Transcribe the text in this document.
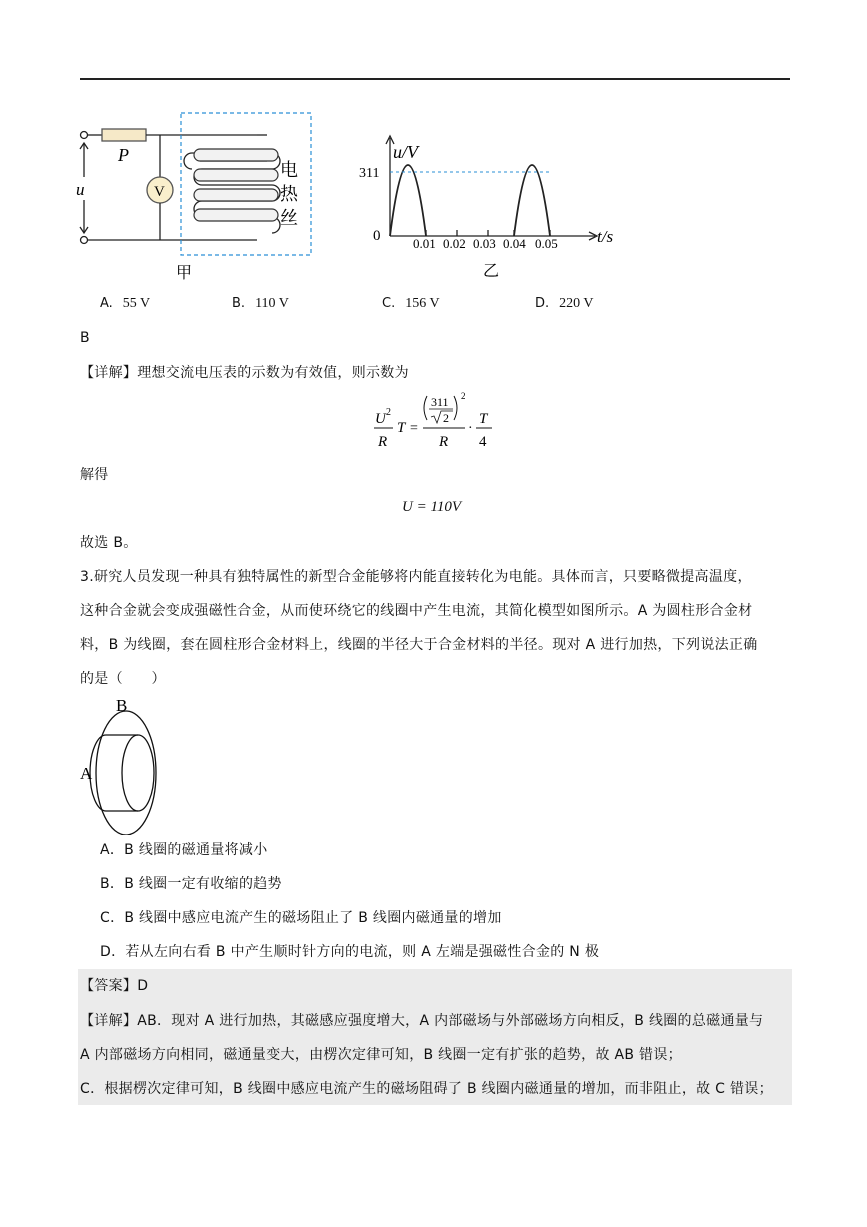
P
u	V
电
热
丝
甲
u/V
311
0	0.01 0.02 0.03 0.04 0.05 t/s
乙
A. 55 V	B. 110 V	C. 156 V	D. 220 V
B
【详解】理想交流电压表的示数为有效值，则示数为
U 2
R
T =
311
2
2
R
·
T
4
解得
U = 110V
故选 B。
3.研究人员发现一种具有独特属性的新型合金能够将内能直接转化为电能。具体而言，只要略微提高温度，
这种合金就会变成强磁性合金，从而使环绕它的线圈中产生电流，其简化模型如图所示。A 为圆柱形合金材
料，B 为线圈，套在圆柱形合金材料上，线圈的半径大于合金材料的半径。现对 A 进行加热，下列说法正确
的是（　　）
B
A
A．B 线圈的磁通量将减小
B．B 线圈一定有收缩的趋势
C．B 线圈中感应电流产生的磁场阻止了 B 线圈内磁通量的增加
D．若从左向右看 B 中产生顺时针方向的电流，则 A 左端是强磁性合金的 N 极
【答案】D
【详解】AB．现对 A 进行加热，其磁感应强度增大，A 内部磁场与外部磁场方向相反，B 线圈的总磁通量与
A 内部磁场方向相同，磁通量变大，由楞次定律可知，B 线圈一定有扩张的趋势，故 AB 错误；
C．根据楞次定律可知，B 线圈中感应电流产生的磁场阻碍了 B 线圈内磁通量的增加，而非阻止，故 C 错误；
